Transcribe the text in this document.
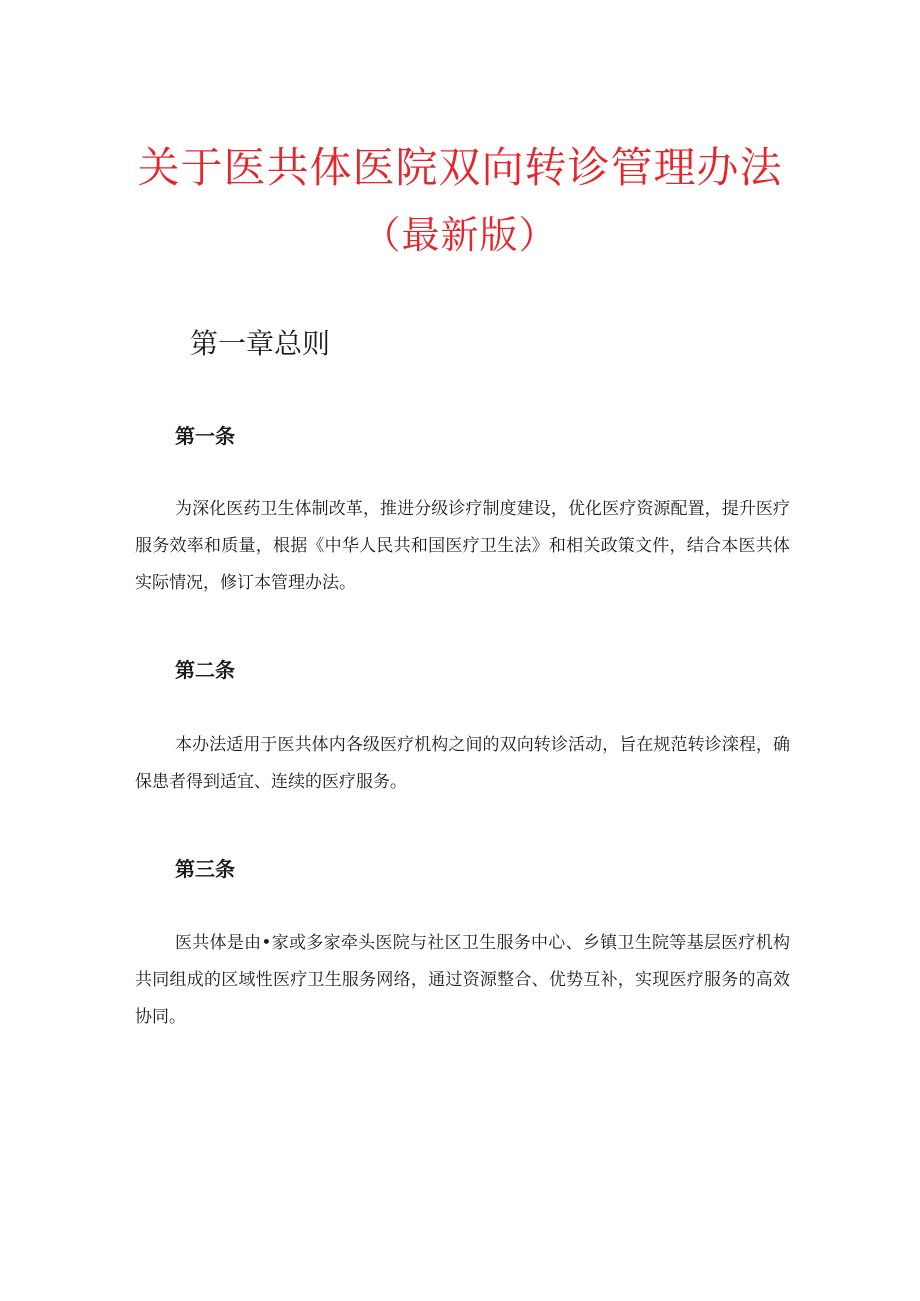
关于医共体医院双向转诊管理办法
（最新版）
第一章总则
第一条

为深化医药卫生体制改革，推进分级诊疗制度建设，优化医疗资源配置，提升医疗服务效率和质量，根据《中华人民共和国医疗卫生法》和相关政策文件，结合本医共体实际情况，修订本管理办法。

第二条

本办法适用于医共体内各级医疗机构之间的双向转诊活动，旨在规范转诊滦程，确保患者得到适宜、连续的医疗服务。

第三条

医共体是由•家或多家牵头医院与社区卫生服务中心、乡镇卫生院等基层医疗机构共同组成的区域性医疗卫生服务网络，通过资源整合、优势互补，实现医疗服务的高效协同。
